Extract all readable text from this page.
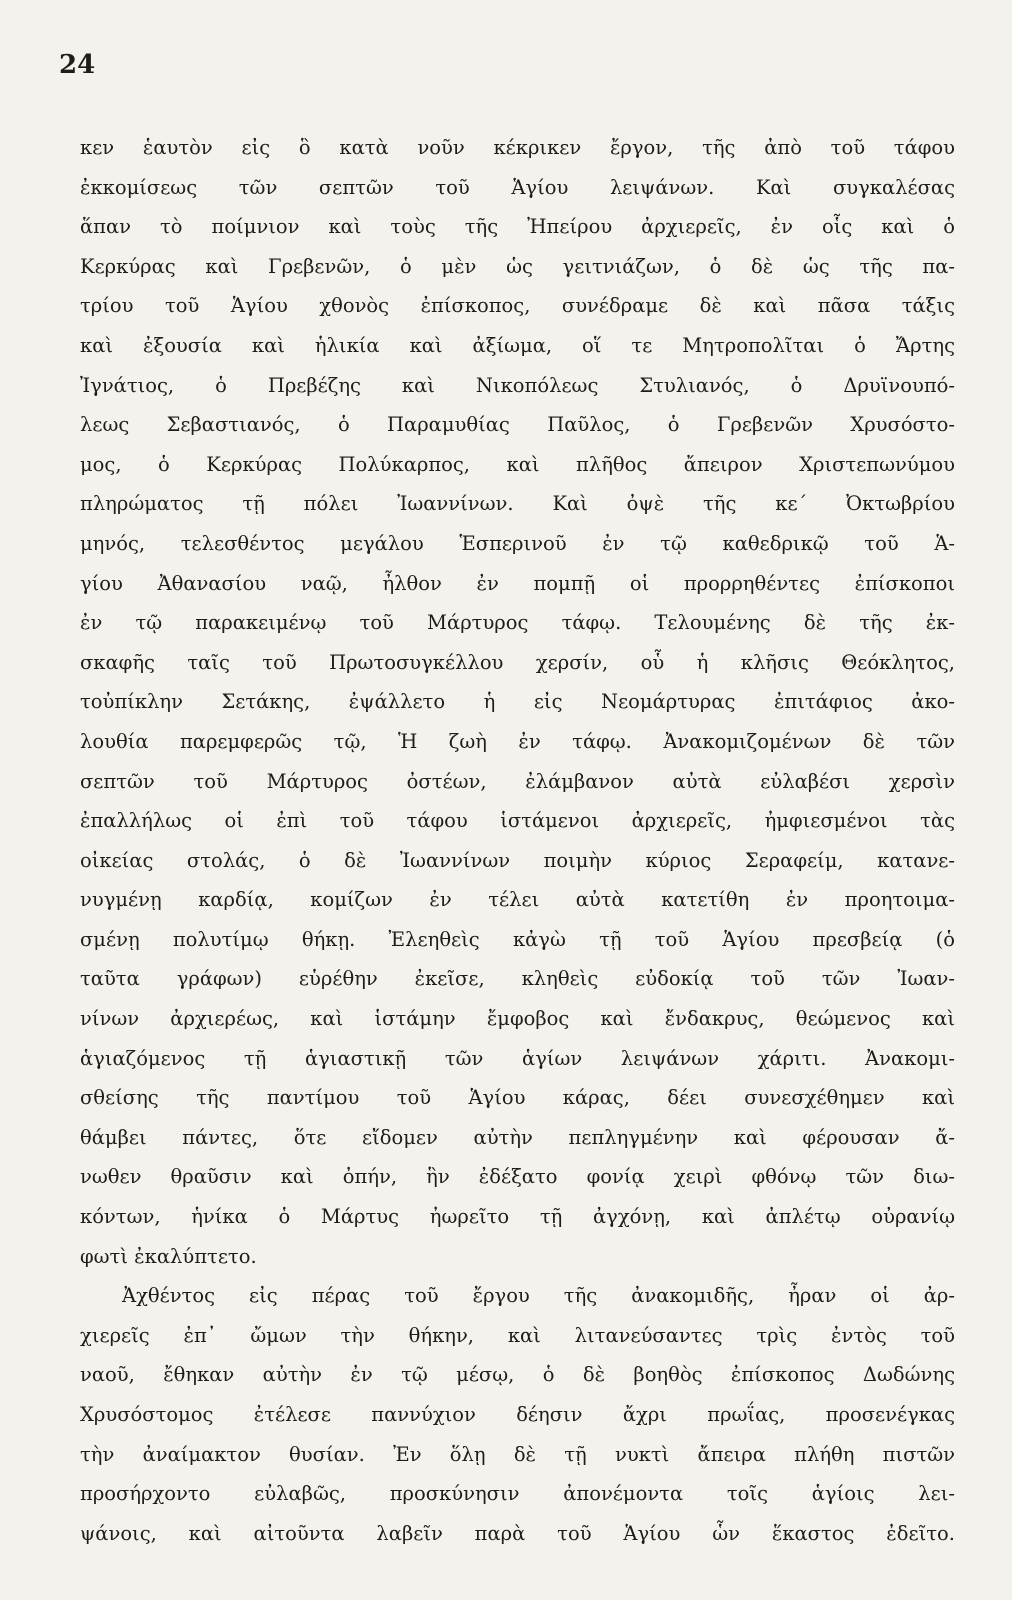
24
κεν ἑαυτὸν εἰς ὃ κατὰ νοῦν κέκρικεν ἔργον, τῆς ἀπὸ τοῦ τάφου
ἐκκομίσεως τῶν σεπτῶν τοῦ Ἁγίου λειψάνων. Καὶ συγκαλέσας
ἅπαν τὸ ποίμνιον καὶ τοὺς τῆς Ἠπείρου ἀρχιερεῖς, ἐν οἷς καὶ ὁ
Κερκύρας καὶ Γρεβενῶν, ὁ μὲν ὡς γειτνιάζων, ὁ δὲ ὡς τῆς πα-
τρίου τοῦ Ἁγίου χθονὸς ἐπίσκοπος, συνέδραμε δὲ καὶ πᾶσα τάξις
καὶ ἐξουσία καὶ ἡλικία καὶ ἀξίωμα, οἵ τε Μητροπολῖται ὁ Ἄρτης
Ἰγνάτιος, ὁ Πρεβέζης καὶ Νικοπόλεως Στυλιανός, ὁ Δρυϊνουπό-
λεως Σεβαστιανός, ὁ Παραμυθίας Παῦλος, ὁ Γρεβενῶν Χρυσόστο-
μος, ὁ Κερκύρας Πολύκαρπος, καὶ πλῆθος ἄπειρον Χριστεπωνύμου
πληρώματος τῇ πόλει Ἰωαννίνων. Καὶ ὀψὲ τῆς κε´ Ὀκτωβρίου
μηνός, τελεσθέντος μεγάλου Ἑσπερινοῦ ἐν τῷ καθεδρικῷ τοῦ Ἁ-
γίου Ἀθανασίου ναῷ, ἦλθον ἐν πομπῇ οἱ προρρηθέντες ἐπίσκοποι
ἐν τῷ παρακειμένῳ τοῦ Μάρτυρος τάφῳ. Τελουμένης δὲ τῆς ἐκ-
σκαφῆς ταῖς τοῦ Πρωτοσυγκέλλου χερσίν, οὗ ἡ κλῆσις Θεόκλητος,
τοὐπίκλην Σετάκης, ἐψάλλετο ἡ εἰς Νεομάρτυρας ἐπιτάφιος ἀκο-
λουθία παρεμφερῶς τῷ, Ἡ ζωὴ ἐν τάφῳ. Ἀνακομιζομένων δὲ τῶν
σεπτῶν τοῦ Μάρτυρος ὀστέων, ἐλάμβανον αὐτὰ εὐλαβέσι χερσὶν
ἐπαλλήλως οἱ ἐπὶ τοῦ τάφου ἱστάμενοι ἀρχιερεῖς, ἠμφιεσμένοι τὰς
οἰκείας στολάς, ὁ δὲ Ἰωαννίνων ποιμὴν κύριος Σεραφείμ, κατανε-
νυγμένῃ καρδίᾳ, κομίζων ἐν τέλει αὐτὰ κατετίθη ἐν προητοιμα-
σμένῃ πολυτίμῳ θήκῃ. Ἐλεηθεὶς κἀγὼ τῇ τοῦ Ἁγίου πρεσβείᾳ (ὁ
ταῦτα γράφων) εὑρέθην ἐκεῖσε, κληθεὶς εὐδοκίᾳ τοῦ τῶν Ἰωαν-
νίνων ἀρχιερέως, καὶ ἱστάμην ἔμφοβος καὶ ἔνδακρυς, θεώμενος καὶ
ἁγιαζόμενος τῇ ἁγιαστικῇ τῶν ἁγίων λειψάνων χάριτι. Ἀνακομι-
σθείσης τῆς παντίμου τοῦ Ἁγίου κάρας, δέει συνεσχέθημεν καὶ
θάμβει πάντες, ὅτε εἴδομεν αὐτὴν πεπληγμένην καὶ φέρουσαν ἄ-
νωθεν θραῦσιν καὶ ὀπήν, ἣν ἐδέξατο φονίᾳ χειρὶ φθόνῳ τῶν διω-
κόντων, ἡνίκα ὁ Μάρτυς ἠωρεῖτο τῇ ἀγχόνῃ, καὶ ἀπλέτῳ οὐρανίῳ
φωτὶ ἐκαλύπτετο.
Ἀχθέντος εἰς πέρας τοῦ ἔργου τῆς ἀνακομιδῆς, ἦραν οἱ ἀρ-
χιερεῖς ἐπ᾽ ὤμων τὴν θήκην, καὶ λιτανεύσαντες τρὶς ἐντὸς τοῦ
ναοῦ, ἔθηκαν αὐτὴν ἐν τῷ μέσῳ, ὁ δὲ βοηθὸς ἐπίσκοπος Δωδώνης
Χρυσόστομος ἐτέλεσε παννύχιον δέησιν ἄχρι πρωΐας, προσενέγκας
τὴν ἀναίμακτον θυσίαν. Ἐν ὅλῃ δὲ τῇ νυκτὶ ἄπειρα πλήθη πιστῶν
προσήρχοντο εὐλαβῶς, προσκύνησιν ἀπονέμοντα τοῖς ἁγίοις λει-
ψάνοις, καὶ αἰτοῦντα λαβεῖν παρὰ τοῦ Ἁγίου ὧν ἕκαστος ἐδεῖτο.
